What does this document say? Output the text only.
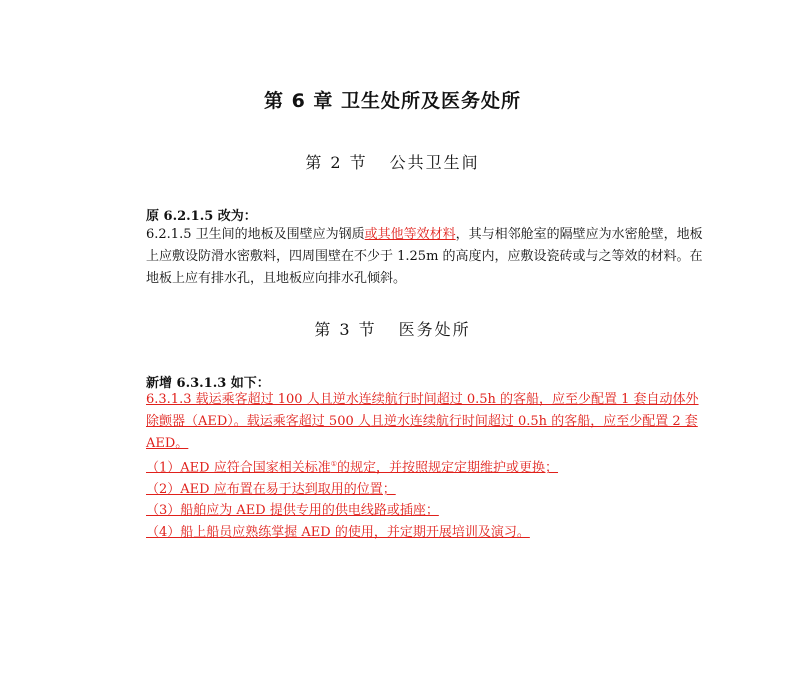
第 6 章 卫生处所及医务处所
第 2 节 公共卫生间
原 6.2.1.5 改为：
6.2.1.5 卫生间的地板及围壁应为钢质或其他等效材料，其与相邻舱室的隔壁应为水密舱壁，地板上应敷设防滑水密敷料，四周围壁在不少于 1.25m 的高度内，应敷设瓷砖或与之等效的材料。在地板上应有排水孔，且地板应向排水孔倾斜。
第 3 节 医务处所
新增 6.3.1.3 如下：
6.3.1.3 载运乘客超过 100 人且逆水连续航行时间超过 0.5h 的客船，应至少配置 1 套自动体外除颤器（AED）。载运乘客超过 500 人且逆水连续航行时间超过 0.5h 的客船，应至少配置 2 套 AED。
（1）AED 应符合国家相关标准①的规定，并按照规定定期维护或更换；
（2）AED 应布置在易于达到取用的位置；
（3）船舶应为 AED 提供专用的供电线路或插座；
（4）船上船员应熟练掌握 AED 的使用，并定期开展培训及演习。
